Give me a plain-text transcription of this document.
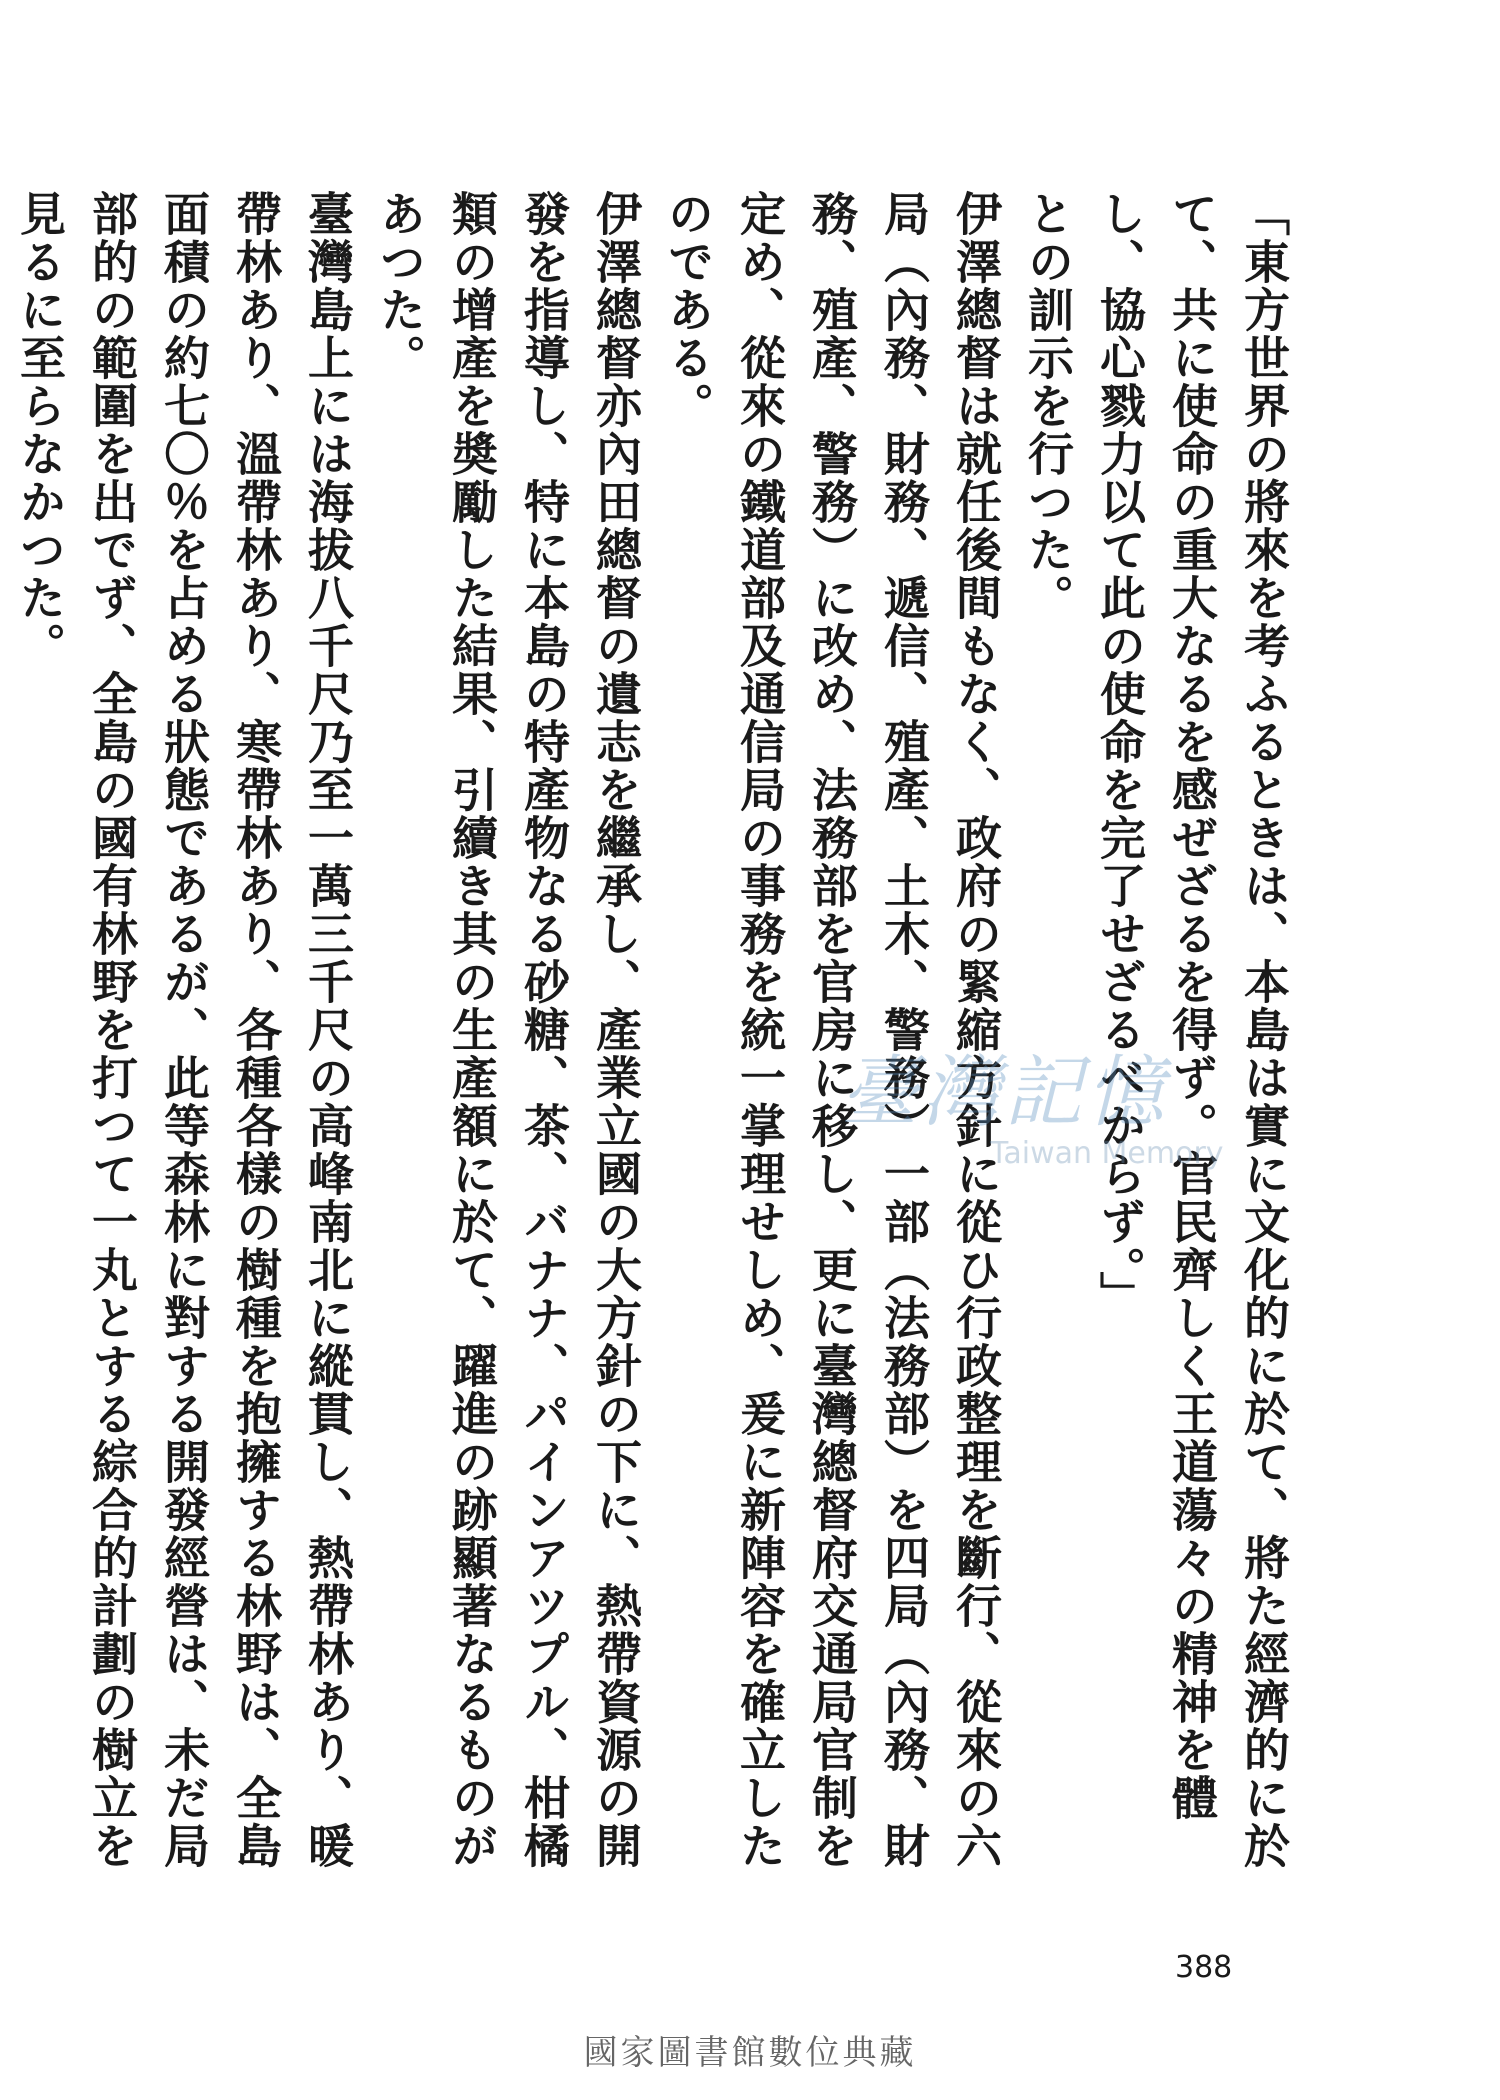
「東方世界の將來を考ふるときは、本島は實に文化的に於て、將た經濟的に於て、共に使命の重大なるを感ぜざるを得ず。官民齊しく王道蕩々の精神を體し、協心戮力以て此の使命を完了せざるべからず。」

との訓示を行つた。

伊澤總督は就任後間もなく、政府の緊縮方針に從ひ行政整理を斷行、從來の六局（內務、財務、遞信、殖產、土木、警務）一部（法務部）を四局（內務、財務、殖產、警務）に改め、法務部を官房に移し、更に臺灣總督府交通局官制を定め、從來の鐵道部及通信局の事務を統一掌理せしめ、爰に新陣容を確立したのである。

伊澤總督亦內田總督の遺志を繼承し、產業立國の大方針の下に、熱帶資源の開發を指導し、特に本島の特產物なる砂糖、茶、バナナ、パインアツプル、柑橘類の增產を奬勵した結果、引續き其の生產額に於て、躍進の跡顯著なるものがあつた。

臺灣島上には海拔八千尺乃至一萬三千尺の高峰南北に縱貫し、熱帶林あり、暖帶林あり、溫帶林あり、寒帶林あり、各種各樣の樹種を抱擁する林野は、全島面積の約七〇％を占める狀態であるが、此等森林に對する開發經營は、未だ局部的の範圍を出でず、全島の國有林野を打つて一丸とする綜合的計劃の樹立を見るに至らなかつた。

臺灣記憶
Taiwan Memory
388
國家圖書館數位典藏
